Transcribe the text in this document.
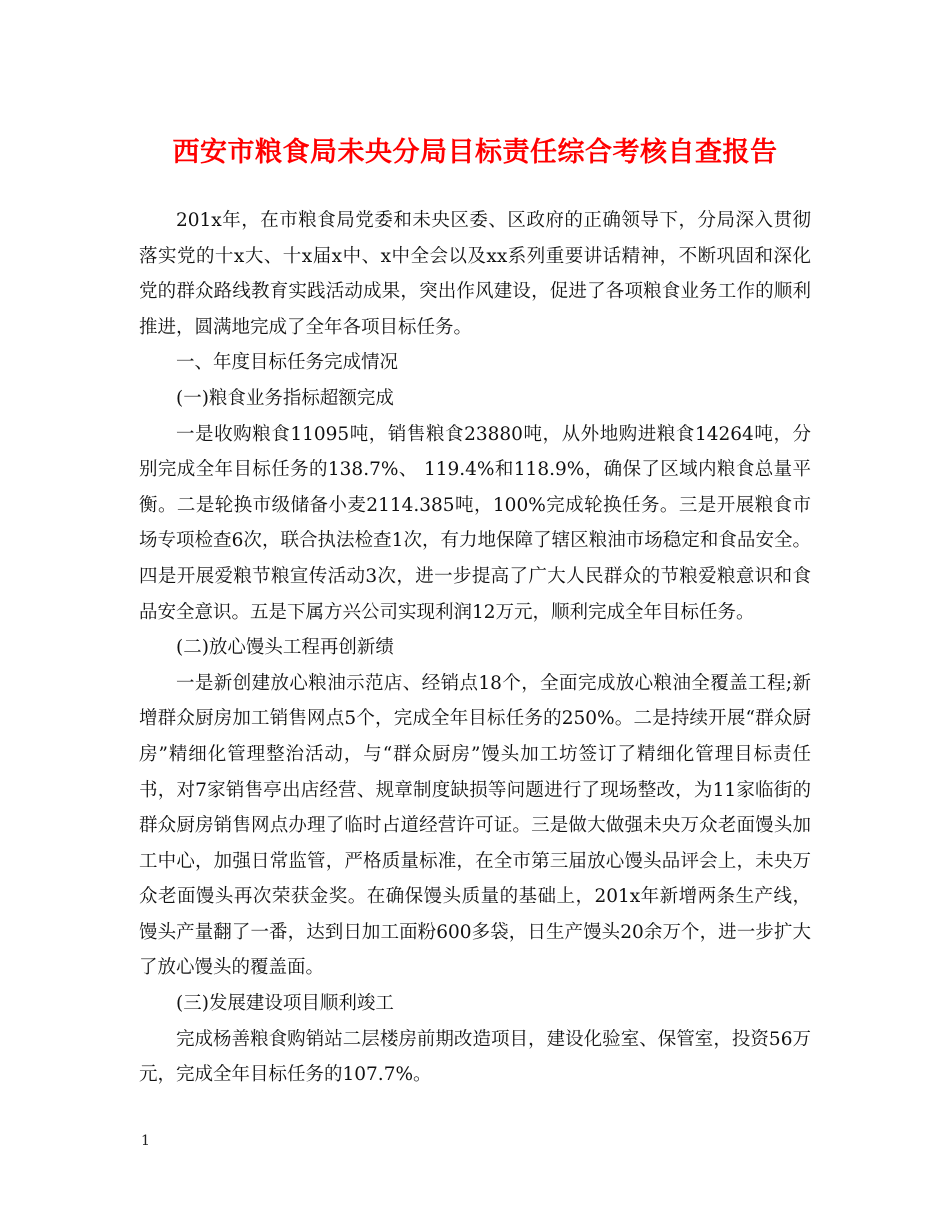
西安市粮食局未央分局目标责任综合考核自查报告

201x年，在市粮食局党委和未央区委、区政府的正确领导下，分局深入贯彻落实党的十x大、十x届x中、x中全会以及xx系列重要讲话精神，不断巩固和深化党的群众路线教育实践活动成果，突出作风建设，促进了各项粮食业务工作的顺利推进，圆满地完成了全年各项目标任务。

一、年度目标任务完成情况

(一)粮食业务指标超额完成

一是收购粮食11095吨，销售粮食23880吨，从外地购进粮食14264吨，分别完成全年目标任务的138.7%、 119.4%和118.9%，确保了区域内粮食总量平衡。二是轮换市级储备小麦2114.385吨，100%完成轮换任务。三是开展粮食市场专项检查6次，联合执法检查1次，有力地保障了辖区粮油市场稳定和食品安全。四是开展爱粮节粮宣传活动3次，进一步提高了广大人民群众的节粮爱粮意识和食品安全意识。五是下属方兴公司实现利润12万元，顺利完成全年目标任务。

(二)放心馒头工程再创新绩

一是新创建放心粮油示范店、经销点18个，全面完成放心粮油全覆盖工程;新增群众厨房加工销售网点5个，完成全年目标任务的250%。二是持续开展“群众厨房”精细化管理整治活动，与“群众厨房”馒头加工坊签订了精细化管理目标责任书，对7家销售亭出店经营、规章制度缺损等问题进行了现场整改，为11家临街的群众厨房销售网点办理了临时占道经营许可证。三是做大做强未央万众老面馒头加工中心，加强日常监管，严格质量标准，在全市第三届放心馒头品评会上，未央万众老面馒头再次荣获金奖。在确保馒头质量的基础上，201x年新增两条生产线，馒头产量翻了一番，达到日加工面粉600多袋，日生产馒头20余万个，进一步扩大了放心馒头的覆盖面。

(三)发展建设项目顺利竣工

完成杨善粮食购销站二层楼房前期改造项目，建设化验室、保管室，投资56万元，完成全年目标任务的107.7%。

1
